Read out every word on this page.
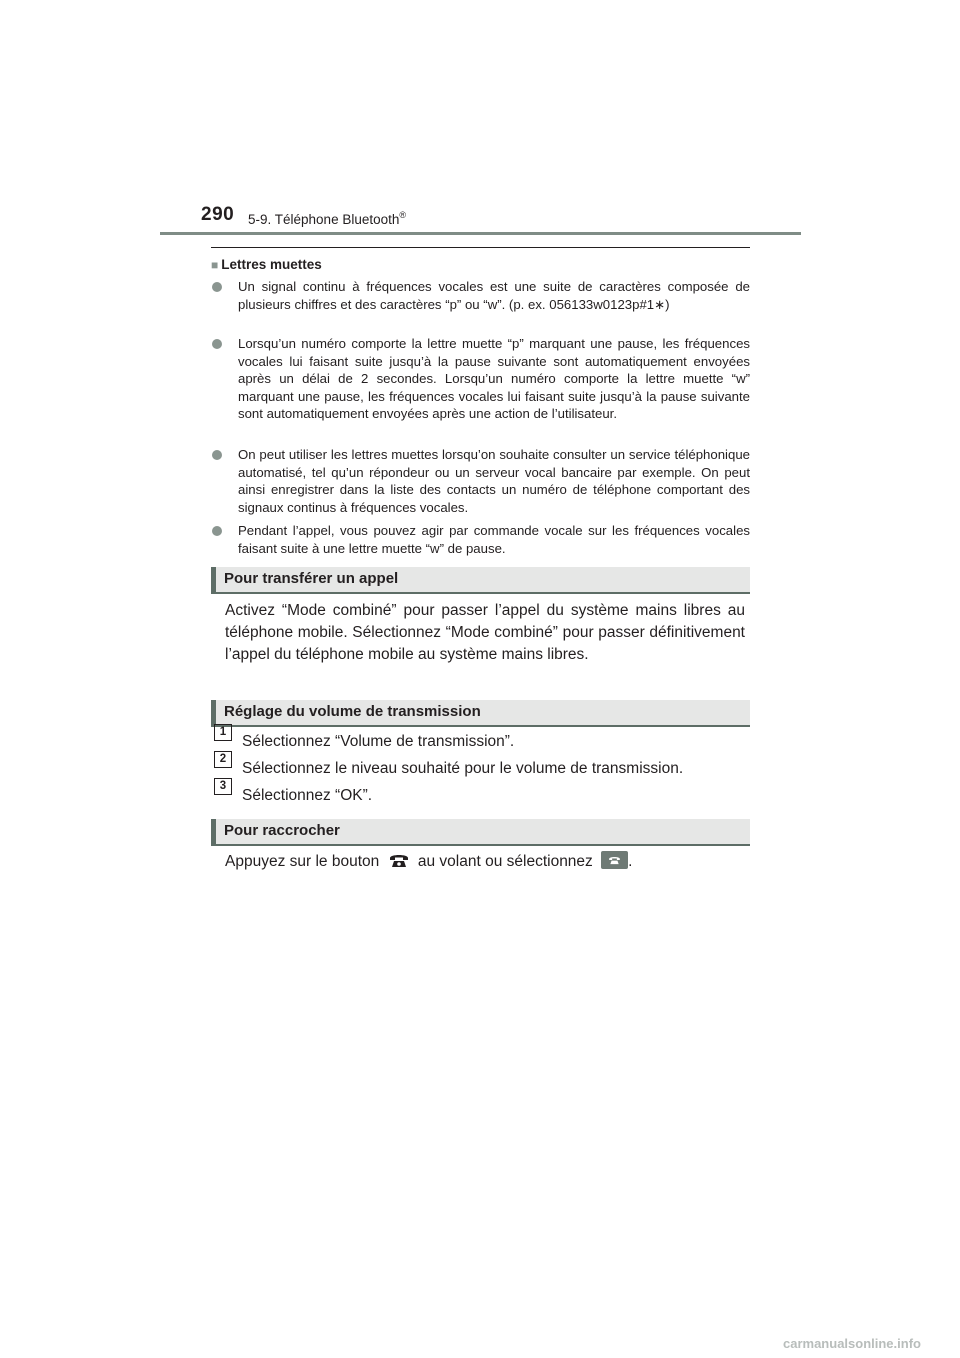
290 5-9. Téléphone Bluetooth®
■ Lettres muettes
Un signal continu à fréquences vocales est une suite de caractères composée de plusieurs chiffres et des caractères “p” ou “w”. (p. ex. 056133w0123p#1∗)
Lorsqu’un numéro comporte la lettre muette “p” marquant une pause, les fréquences vocales lui faisant suite jusqu’à la pause suivante sont automatiquement envoyées après un délai de 2 secondes. Lorsqu’un numéro comporte la lettre muette “w” marquant une pause, les fréquences vocales lui faisant suite jusqu’à la pause suivante sont automatiquement envoyées après une action de l’utilisateur.
On peut utiliser les lettres muettes lorsqu’on souhaite consulter un service téléphonique automatisé, tel qu’un répondeur ou un serveur vocal bancaire par exemple. On peut ainsi enregistrer dans la liste des contacts un numéro de téléphone comportant des signaux continus à fréquences vocales.
Pendant l’appel, vous pouvez agir par commande vocale sur les fréquences vocales faisant suite à une lettre muette “w” de pause.
Pour transférer un appel
Activez “Mode combiné” pour passer l’appel du système mains libres au téléphone mobile. Sélectionnez “Mode combiné” pour passer définitivement l’appel du téléphone mobile au système mains libres.
Réglage du volume de transmission
1
Sélectionnez “Volume de transmission”.
2
Sélectionnez le niveau souhaité pour le volume de transmission.
3
Sélectionnez “OK”.
Pour raccrocher
Appuyez sur le bouton au volant ou sélectionnez .
carmanualsonline.info
